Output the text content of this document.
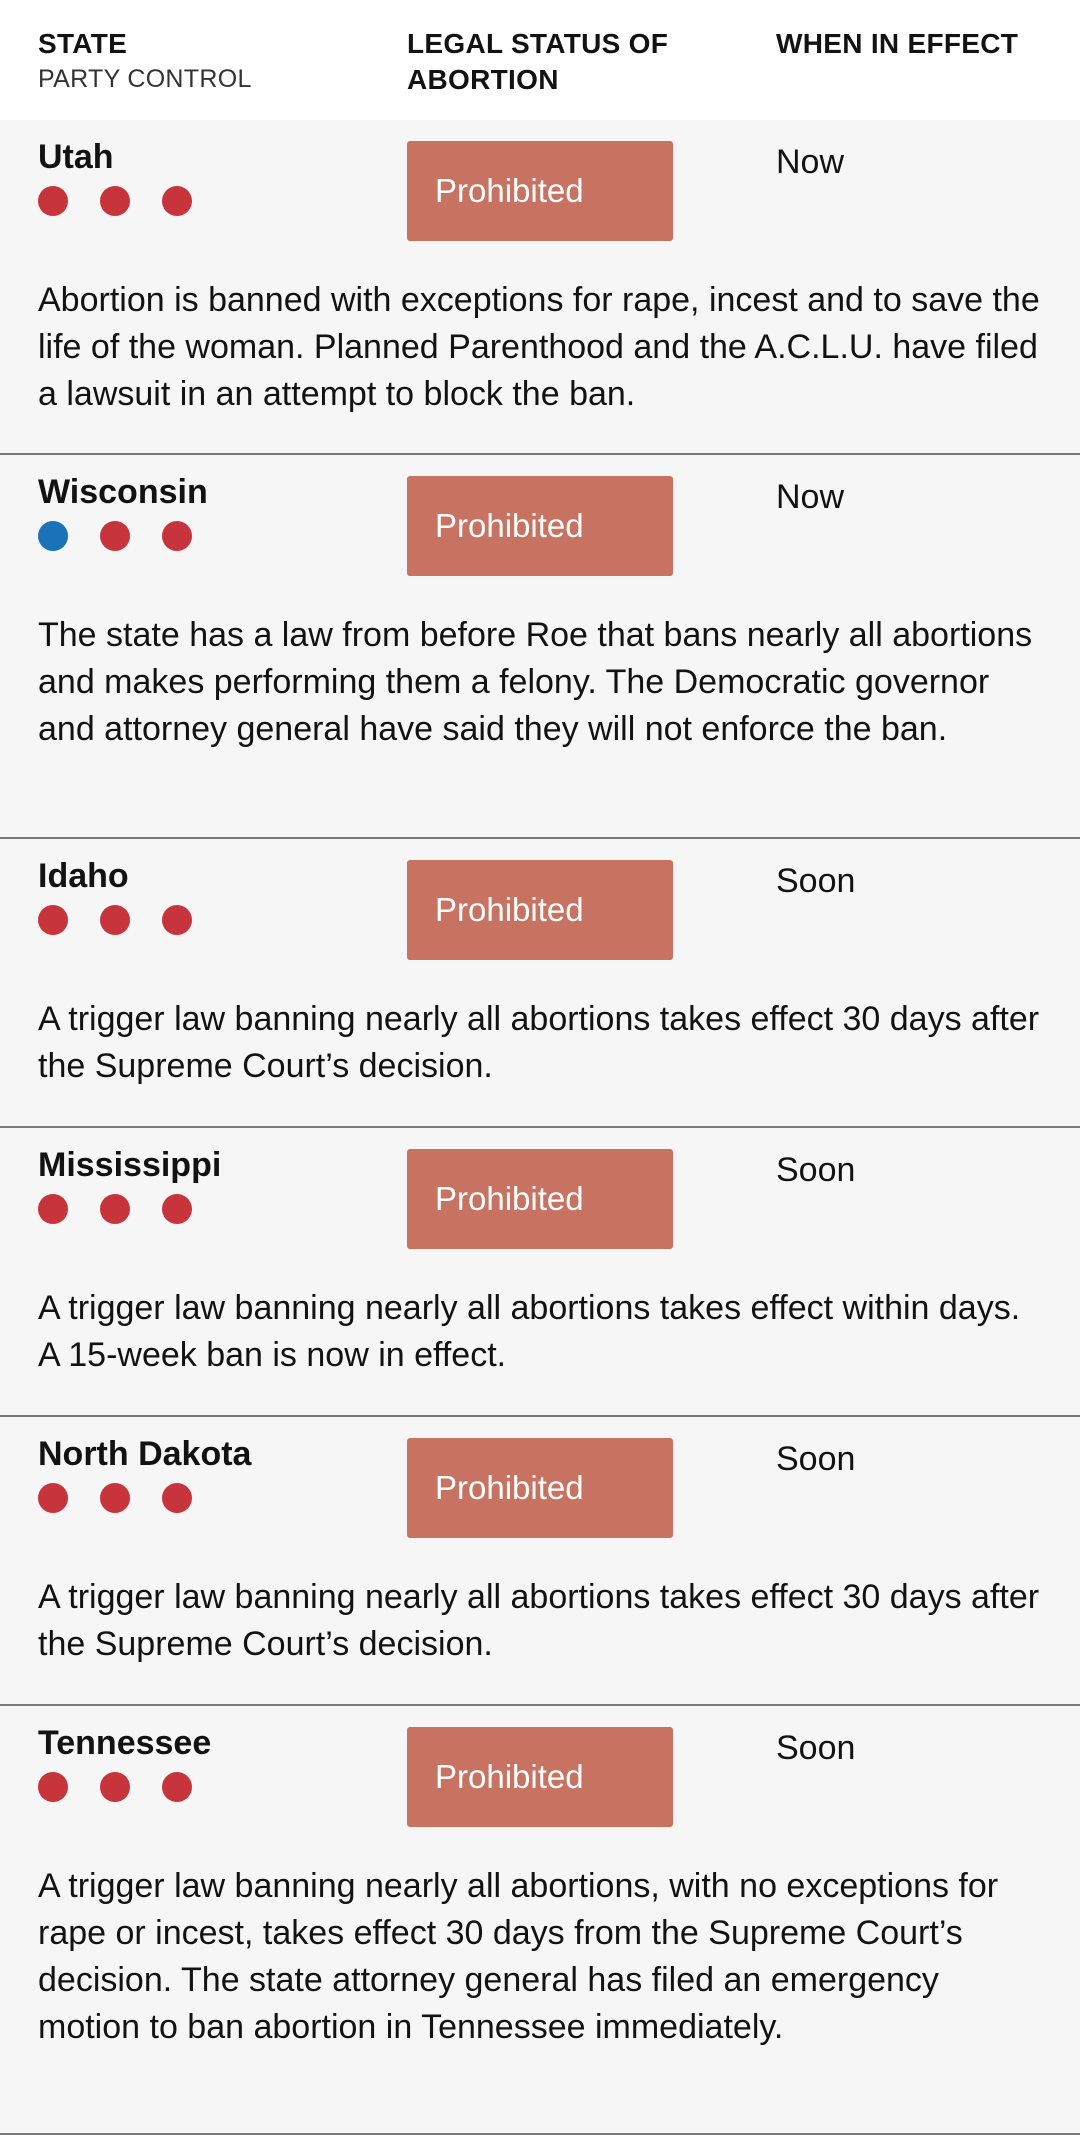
STATE
PARTY CONTROL
LEGAL STATUS OF ABORTION
WHEN IN EFFECT
Utah
Prohibited
Now

Abortion is banned with exceptions for rape, incest and to save the life of the woman. Planned Parenthood and the A.C.L.U. have filed a lawsuit in an attempt to block the ban.

Wisconsin
Prohibited
Now

The state has a law from before Roe that bans nearly all abortions and makes performing them a felony. The Democratic governor and attorney general have said they will not enforce the ban.

Idaho
Prohibited
Soon

A trigger law banning nearly all abortions takes effect 30 days after the Supreme Court’s decision.

Mississippi
Prohibited
Soon

A trigger law banning nearly all abortions takes effect within days. A 15-week ban is now in effect.

North Dakota
Prohibited
Soon

A trigger law banning nearly all abortions takes effect 30 days after the Supreme Court’s decision.

Tennessee
Prohibited
Soon

A trigger law banning nearly all abortions, with no exceptions for rape or incest, takes effect 30 days from the Supreme Court’s decision. The state attorney general has filed an emergency motion to ban abortion in Tennessee immediately.
